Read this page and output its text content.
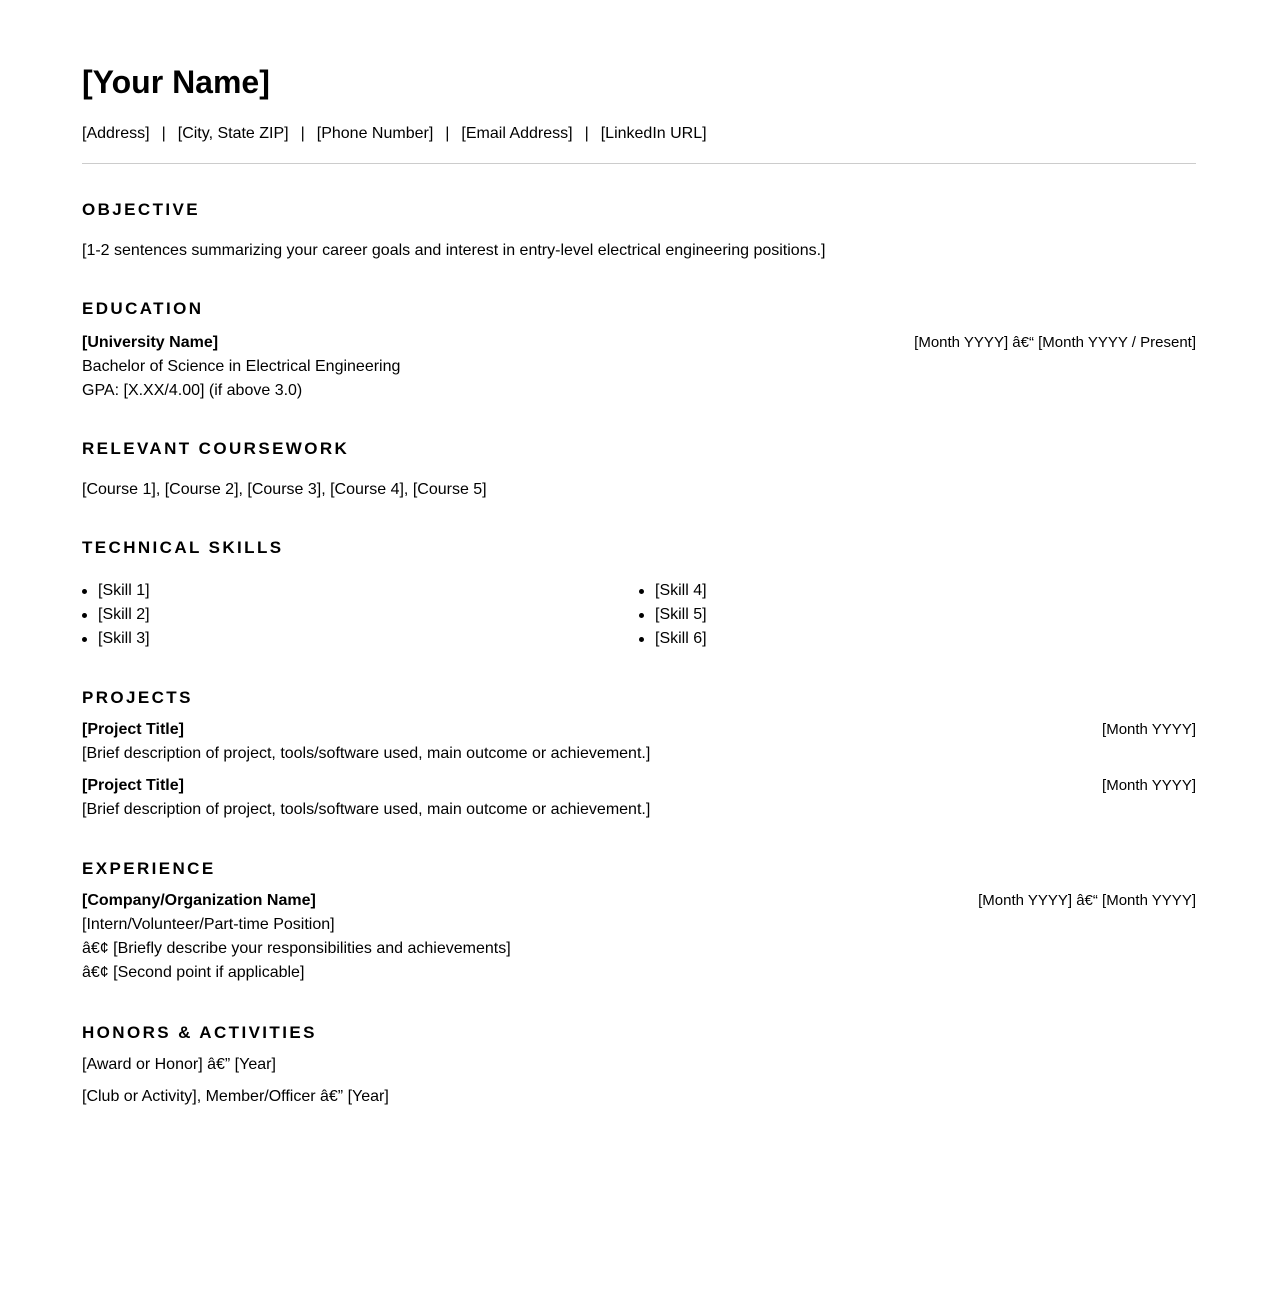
[Your Name]
[Address] | [City, State ZIP] | [Phone Number] | [Email Address] | [LinkedIn URL]
OBJECTIVE
[1-2 sentences summarizing your career goals and interest in entry-level electrical engineering positions.]
EDUCATION
[University Name]	[Month YYYY] â€“ [Month YYYY / Present]
Bachelor of Science in Electrical Engineering
GPA: [X.XX/4.00] (if above 3.0)
RELEVANT COURSEWORK
[Course 1], [Course 2], [Course 3], [Course 4], [Course 5]
TECHNICAL SKILLS
[Skill 1]
[Skill 2]
[Skill 3]
[Skill 4]
[Skill 5]
[Skill 6]
PROJECTS
[Project Title]	[Month YYYY]
[Brief description of project, tools/software used, main outcome or achievement.]
[Project Title]	[Month YYYY]
[Brief description of project, tools/software used, main outcome or achievement.]
EXPERIENCE
[Company/Organization Name]	[Month YYYY] â€“ [Month YYYY]
[Intern/Volunteer/Part-time Position]
â€¢ [Briefly describe your responsibilities and achievements]
â€¢ [Second point if applicable]
HONORS & ACTIVITIES
[Award or Honor] â€” [Year]
[Club or Activity], Member/Officer â€” [Year]
